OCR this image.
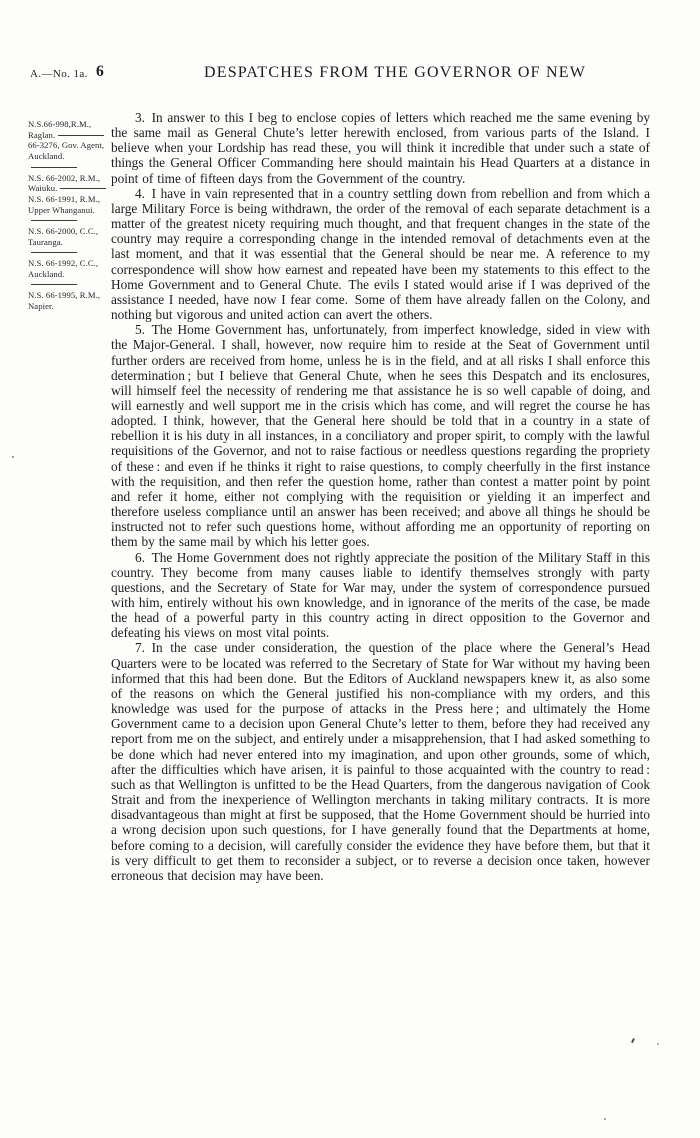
A.—No. 1a. 6	DESPATCHES FROM THE GOVERNOR OF NEW
N.S.66-998,R.M., Raglan.
66-3276, Gov. Agent, Auckland.
N.S. 66-2002, R.M., Waiuku.
N.S. 66-1991, R.M., Upper Whanganui.
N.S. 66-2000, C.C., Tauranga.
N.S. 66-1992, C.C., Auckland.
N.S. 66-1995, R.M., Napier.

3. In answer to this I beg to enclose copies of letters which reached me the same evening by the same mail as General Chute’s letter herewith enclosed, from various parts of the Island. I believe when your Lordship has read these, you will think it incredible that under such a state of things the General Officer Commanding here should maintain his Head Quarters at a distance in point of time of fifteen days from the Government of the country.

4. I have in vain represented that in a country settling down from rebellion and from which a large Military Force is being withdrawn, the order of the removal of each separate detachment is a matter of the greatest nicety requiring much thought, and that frequent changes in the state of the country may require a corresponding change in the intended removal of detachments even at the last moment, and that it was essential that the General should be near me. A reference to my correspondence will show how earnest and repeated have been my statements to this effect to the Home Government and to General Chute. The evils I stated would arise if I was deprived of the assistance I needed, have now I fear come. Some of them have already fallen on the Colony, and nothing but vigorous and united action can avert the others.

5. The Home Government has, unfortunately, from imperfect knowledge, sided in view with the Major-General. I shall, however, now require him to reside at the Seat of Government until further orders are received from home, unless he is in the field, and at all risks I shall enforce this determination ; but I believe that General Chute, when he sees this Despatch and its enclosures, will himself feel the necessity of rendering me that assistance he is so well capable of doing, and will earnestly and well support me in the crisis which has come, and will regret the course he has adopted. I think, however, that the General here should be told that in a country in a state of rebellion it is his duty in all instances, in a conciliatory and proper spirit, to comply with the lawful requisitions of the Governor, and not to raise factious or needless questions regarding the propriety of these : and even if he thinks it right to raise questions, to comply cheerfully in the first instance with the requisition, and then refer the question home, rather than contest a matter point by point and refer it home, either not complying with the requisition or yielding it an imperfect and therefore useless compliance until an answer has been received; and above all things he should be instructed not to refer such questions home, without affording me an opportunity of reporting on them by the same mail by which his letter goes.

6. The Home Government does not rightly appreciate the position of the Military Staff in this country. They become from many causes liable to identify themselves strongly with party questions, and the Secretary of State for War may, under the system of correspondence pursued with him, entirely without his own knowledge, and in ignorance of the merits of the case, be made the head of a powerful party in this country acting in direct opposition to the Governor and defeating his views on most vital points.

7. In the case under consideration, the question of the place where the General’s Head Quarters were to be located was referred to the Secretary of State for War without my having been informed that this had been done. But the Editors of Auckland newspapers knew it, as also some of the reasons on which the General justified his non-compliance with my orders, and this knowledge was used for the purpose of attacks in the Press here ; and ultimately the Home Government came to a decision upon General Chute’s letter to them, before they had received any report from me on the subject, and entirely under a misapprehension, that I had asked something to be done which had never entered into my imagination, and upon other grounds, some of which, after the difficulties which have arisen, it is painful to those acquainted with the country to read : such as that Wellington is unfitted to be the Head Quarters, from the dangerous navigation of Cook Strait and from the inexperience of Wellington merchants in taking military contracts. It is more disadvantageous than might at first be supposed, that the Home Government should be hurried into a wrong decision upon such questions, for I have generally found that the Departments at home, before coming to a decision, will carefully consider the evidence they have before them, but that it is very difficult to get them to reconsider a subject, or to reverse a decision once taken, however erroneous that decision may have been.
